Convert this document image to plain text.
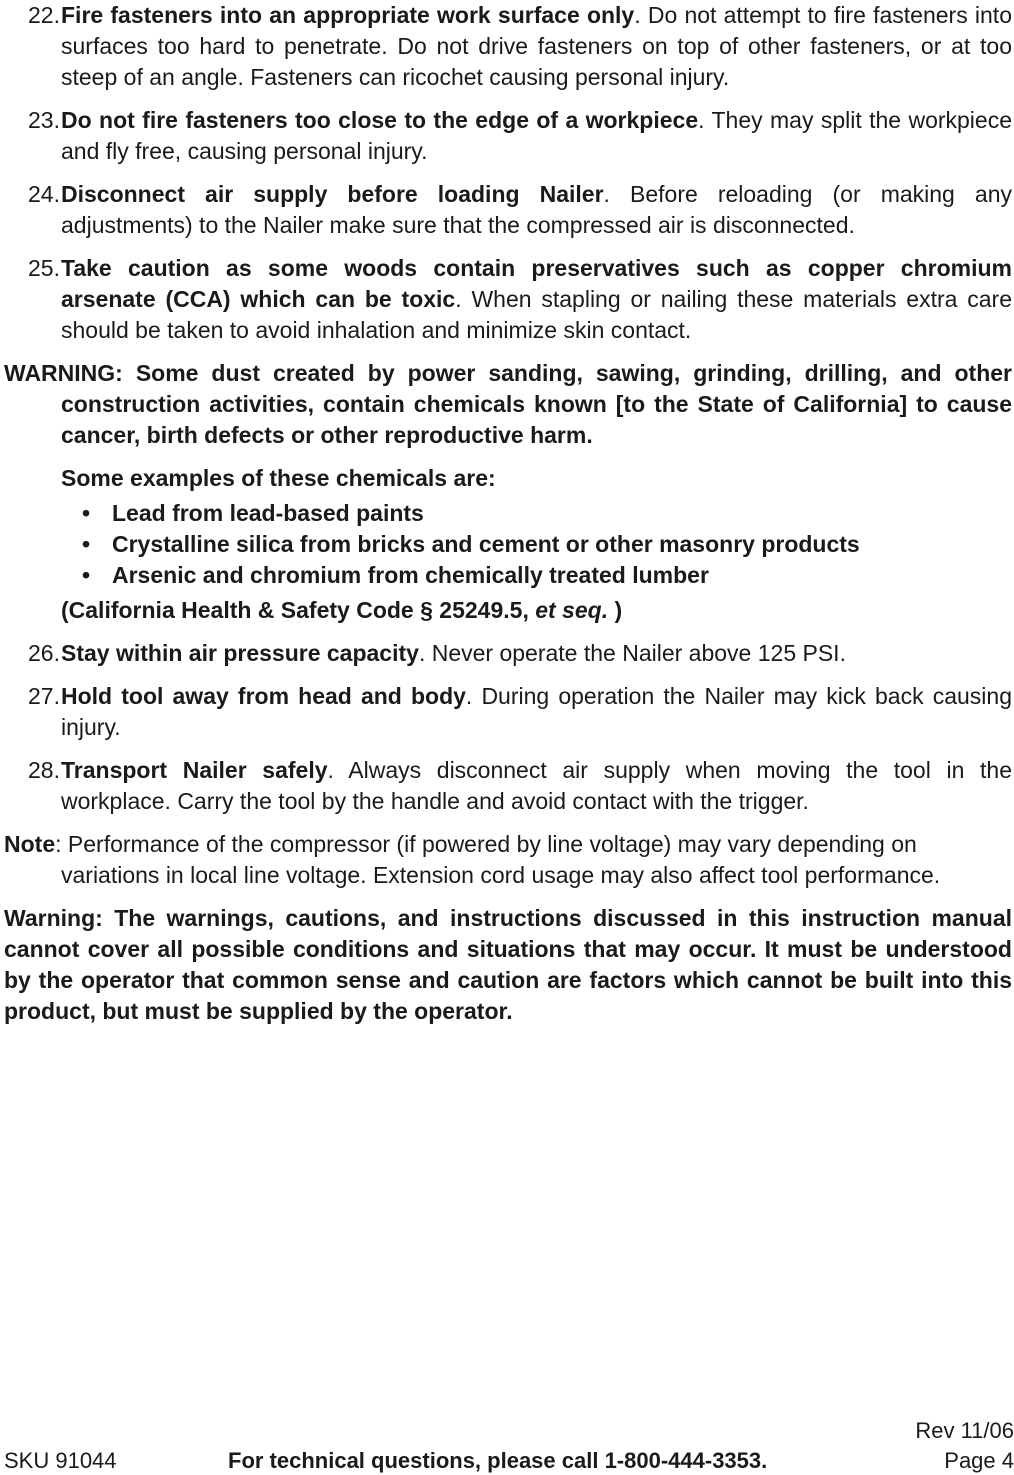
22. Fire fasteners into an appropriate work surface only. Do not attempt to fire fasteners into surfaces too hard to penetrate. Do not drive fasteners on top of other fasteners, or at too steep of an angle. Fasteners can ricochet causing personal injury.
23. Do not fire fasteners too close to the edge of a workpiece. They may split the workpiece and fly free, causing personal injury.
24. Disconnect air supply before loading Nailer. Before reloading (or making any adjustments) to the Nailer make sure that the compressed air is disconnected.
25. Take caution as some woods contain preservatives such as copper chromium arsenate (CCA) which can be toxic. When stapling or nailing these materials extra care should be taken to avoid inhalation and minimize skin contact.
WARNING: Some dust created by power sanding, sawing, grinding, drilling, and other construction activities, contain chemicals known [to the State of California] to cause cancer, birth defects or other reproductive harm.
Some examples of these chemicals are:
• Lead from lead-based paints
• Crystalline silica from bricks and cement or other masonry products
• Arsenic and chromium from chemically treated lumber
(California Health & Safety Code § 25249.5, et seq. )
26. Stay within air pressure capacity. Never operate the Nailer above 125 PSI.
27. Hold tool away from head and body. During operation the Nailer may kick back causing injury.
28. Transport Nailer safely. Always disconnect air supply when moving the tool in the workplace. Carry the tool by the handle and avoid contact with the trigger.
Note: Performance of the compressor (if powered by line voltage) may vary depending on variations in local line voltage. Extension cord usage may also affect tool performance.
Warning: The warnings, cautions, and instructions discussed in this instruction manual cannot cover all possible conditions and situations that may occur. It must be understood by the operator that common sense and caution are factors which cannot be built into this product, but must be supplied by the operator.
Rev 11/06
SKU 91044	For technical questions, please call 1-800-444-3353.	Page 4
